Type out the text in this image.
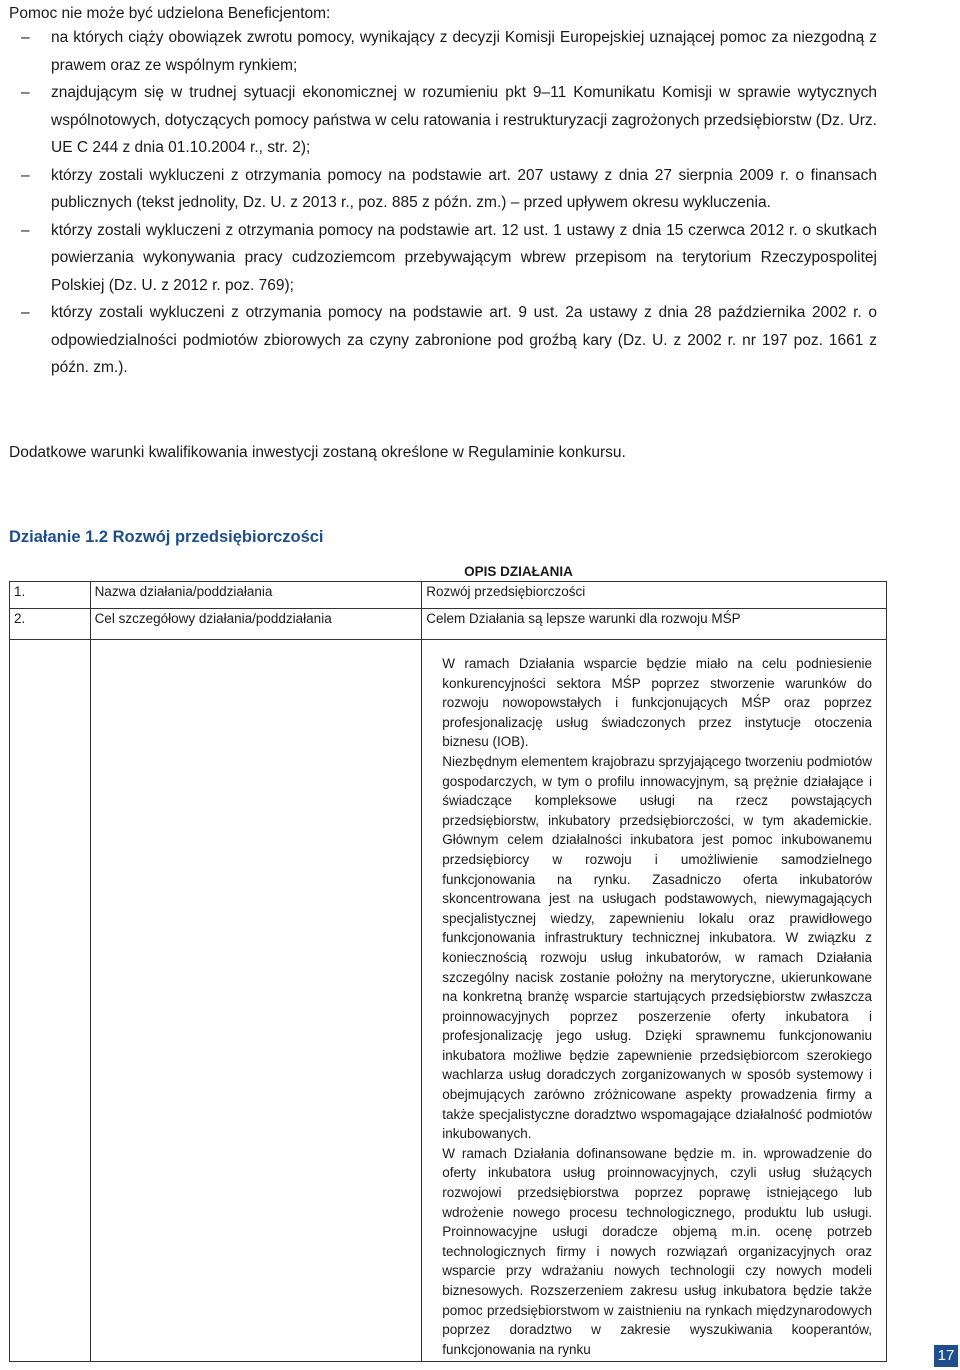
Pomoc nie może być udzielona Beneficjentom:
– na których ciąży obowiązek zwrotu pomocy, wynikający z decyzji Komisji Europejskiej uznającej pomoc za niezgodną z prawem oraz ze wspólnym rynkiem;
– znajdującym się w trudnej sytuacji ekonomicznej w rozumieniu pkt 9–11 Komunikatu Komisji w sprawie wytycznych wspólnotowych, dotyczących pomocy państwa w celu ratowania i restrukturyzacji zagrożonych przedsiębiorstw (Dz. Urz. UE C 244 z dnia 01.10.2004 r., str. 2);
– którzy zostali wykluczeni z otrzymania pomocy na podstawie art. 207 ustawy z dnia 27 sierpnia 2009 r. o finansach publicznych (tekst jednolity, Dz. U. z 2013 r., poz. 885 z późn. zm.) – przed upływem okresu wykluczenia.
– którzy zostali wykluczeni z otrzymania pomocy na podstawie art. 12 ust. 1 ustawy z dnia 15 czerwca 2012 r. o skutkach powierzania wykonywania pracy cudzoziemcom przebywającym wbrew przepisom na terytorium Rzeczypospolitej Polskiej (Dz. U. z 2012 r. poz. 769);
– którzy zostali wykluczeni z otrzymania pomocy na podstawie art. 9 ust. 2a ustawy z dnia 28 października 2002 r. o odpowiedzialności podmiotów zbiorowych za czyny zabronione pod groźbą kary (Dz. U. z 2002 r. nr 197 poz. 1661 z późn. zm.).
Dodatkowe warunki kwalifikowania inwestycji zostaną określone w Regulaminie konkursu.
Działanie 1.2 Rozwój przedsiębiorczości
OPIS DZIAŁANIA
1.	Nazwa działania/poddziałania	Rozwój przedsiębiorczości
2.	Cel szczegółowy działania/poddziałania	Celem Działania są lepsze warunki dla rozwoju MŚP

		W ramach Działania wsparcie będzie miało na celu podniesienie konkurencyjności sektora MŚP poprzez stworzenie warunków do rozwoju nowopowstałych i funkcjonujących MŚP oraz poprzez profesjonalizację usług świadczonych przez instytucje otoczenia biznesu (IOB).

Niezbędnym elementem krajobrazu sprzyjającego tworzeniu podmiotów gospodarczych, w tym o profilu innowacyjnym, są prężnie działające i świadczące kompleksowe usługi na rzecz powstających przedsiębiorstw, inkubatory przedsiębiorczości, w tym akademickie. Głównym celem działalności inkubatora jest pomoc inkubowanemu przedsiębiorcy w rozwoju i umożliwienie samodzielnego funkcjonowania na rynku. Zasadniczo oferta inkubatorów skoncentrowana jest na usługach podstawowych, niewymagających specjalistycznej wiedzy, zapewnieniu lokalu oraz prawidłowego funkcjonowania infrastruktury technicznej inkubatora. W związku z koniecznością rozwoju usług inkubatorów, w ramach Działania szczególny nacisk zostanie położny na merytoryczne, ukierunkowane na konkretną branżę wsparcie startujących przedsiębiorstw zwłaszcza proinnowacyjnych poprzez poszerzenie oferty inkubatora i profesjonalizację jego usług. Dzięki sprawnemu funkcjonowaniu inkubatora możliwe będzie zapewnienie przedsiębiorcom szerokiego wachlarza usług doradczych zorganizowanych w sposób systemowy i obejmujących zarówno zróżnicowane aspekty prowadzenia firmy a także specjalistyczne doradztwo wspomagające działalność podmiotów inkubowanych.

W ramach Działania dofinansowane będzie m. in. wprowadzenie do oferty inkubatora usług proinnowacyjnych, czyli usług służących rozwojowi przedsiębiorstwa poprzez poprawę istniejącego lub wdrożenie nowego procesu technologicznego, produktu lub usługi. Proinnowacyjne usługi doradcze objemą m.in. ocenę potrzeb technologicznych firmy i nowych rozwiązań organizacyjnych oraz wsparcie przy wdrażaniu nowych technologii czy nowych modeli biznesowych. Rozszerzeniem zakresu usług inkubatora będzie także pomoc przedsiębiorstwom w zaistnieniu na rynkach międzynarodowych poprzez doradztwo w zakresie wyszukiwania kooperantów, funkcjonowania na rynku	17
